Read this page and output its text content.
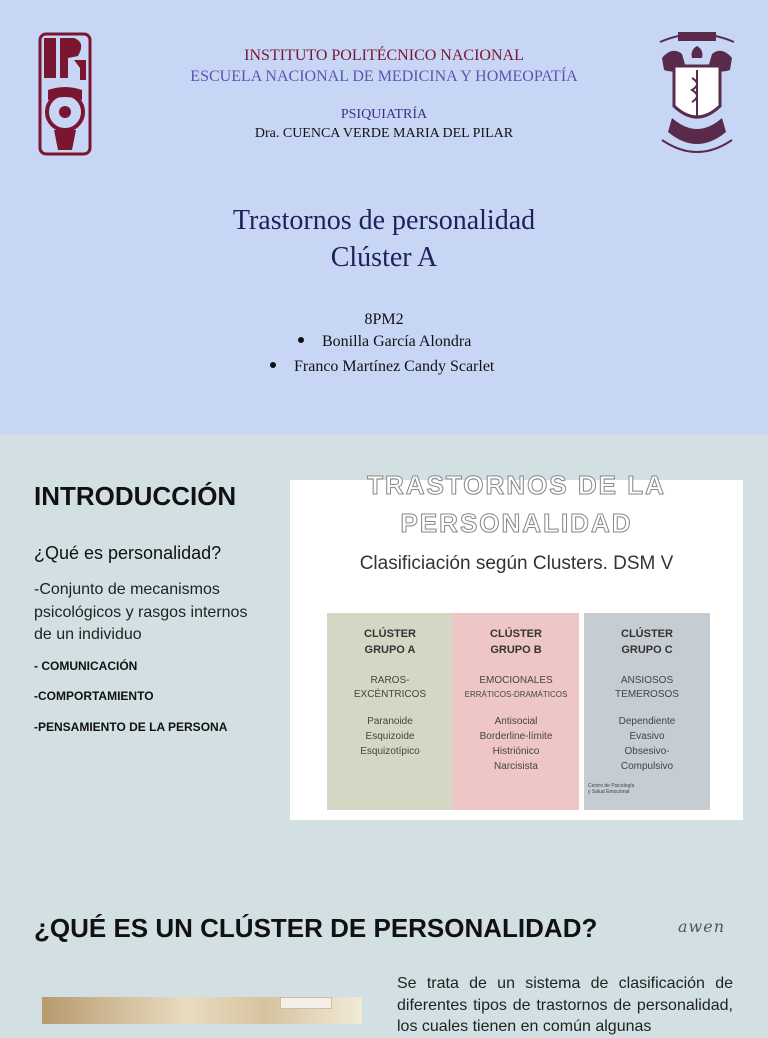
INSTITUTO POLITÉCNICO NACIONAL
ESCUELA NACIONAL DE MEDICINA Y HOMEOPATÍA
PSIQUIATRÍA
Dra. CUENCA VERDE MARIA DEL PILAR
Trastornos de personalidad
Clúster A
8PM2
Bonilla García Alondra
Franco Martínez Candy Scarlet
INTRODUCCIÓN
¿Qué es personalidad?
-Conjunto de mecanismos psicológicos y rasgos internos de un individuo
- COMUNICACIÓN
-COMPORTAMIENTO
-PENSAMIENTO DE LA PERSONA
TRASTORNOS DE LA
PERSONALIDAD
Clasificiación según Clusters. DSM V
CLÚSTER
GRUPO A
RAROS-
EXCÉNTRICOS
Paranoide
Esquizoide
Esquizotípico
CLÚSTER
GRUPO B
EMOCIONALES
ERRÁTICOS-DRAMÁTICOS
Antisocial
Borderline-límite
Histriónico
Narcisista
awen
CLÚSTER
GRUPO C
ANSIOSOS
TEMEROSOS
Dependiente
Evasivo
Obsesivo-
Compulsivo
Centro de Psicología
y Salud Emocional
¿QUÉ ES UN CLÚSTER DE PERSONALIDAD?
Se trata de un sistema de clasificación de diferentes tipos de trastornos de personalidad, los cuales tienen en común algunas
